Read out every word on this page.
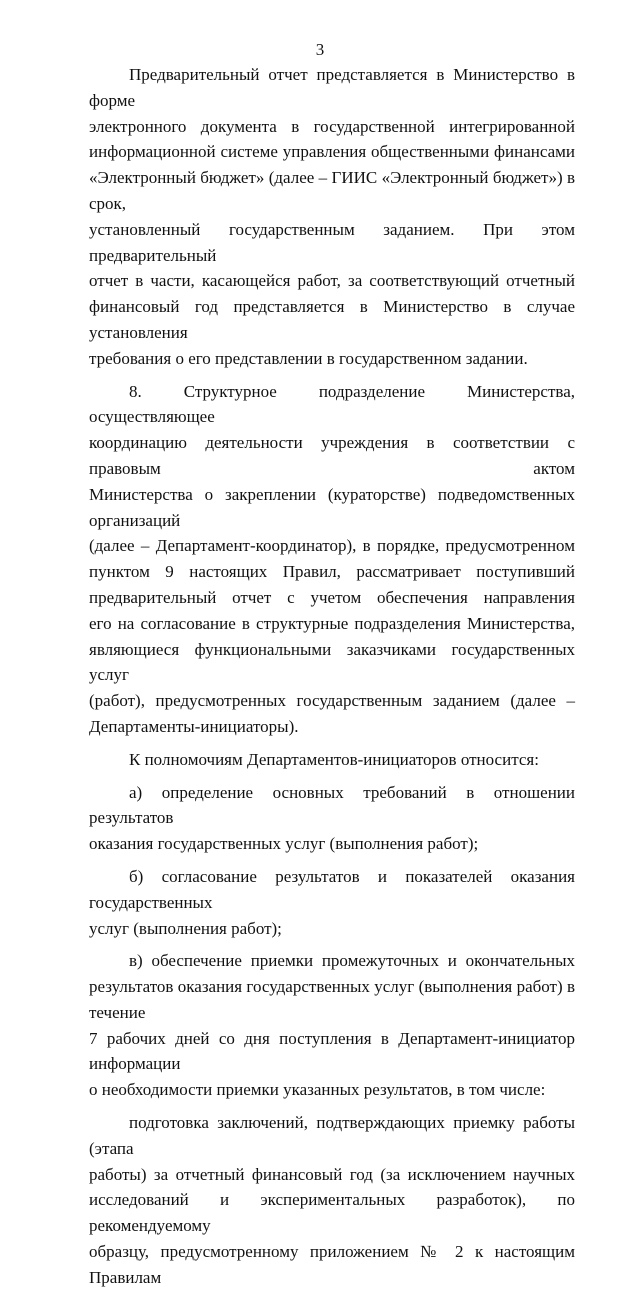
3
Предварительный отчет представляется в Министерство в форме
электронного документа в государственной интегрированной
информационной системе управления общественными финансами
«Электронный бюджет» (далее – ГИИС «Электронный бюджет») в срок,
установленный государственным заданием. При этом предварительный
отчет в части, касающейся работ, за соответствующий отчетный
финансовый год представляется в Министерство в случае установления
требования о его представлении в государственном задании.
8. Структурное подразделение Министерства, осуществляющее
координацию деятельности учреждения в соответствии с правовым актом
Министерства о закреплении (кураторстве) подведомственных организаций
(далее – Департамент-координатор), в порядке, предусмотренном
пунктом 9 настоящих Правил, рассматривает поступивший
предварительный отчет с учетом обеспечения направления
его на согласование в структурные подразделения Министерства,
являющиеся функциональными заказчиками государственных услуг
(работ), предусмотренных государственным заданием (далее –
Департаменты-инициаторы).
К полномочиям Департаментов-инициаторов относится:
а) определение основных требований в отношении результатов
оказания государственных услуг (выполнения работ);
б) согласование результатов и показателей оказания государственных
услуг (выполнения работ);
в) обеспечение приемки промежуточных и окончательных
результатов оказания государственных услуг (выполнения работ) в течение
7 рабочих дней со дня поступления в Департамент-инициатор информации
о необходимости приемки указанных результатов, в том числе:
подготовка заключений, подтверждающих приемку работы (этапа
работы) за отчетный финансовый год (за исключением научных
исследований и экспериментальных разработок), по рекомендуемому
образцу, предусмотренному приложением № 2 к настоящим Правилам
